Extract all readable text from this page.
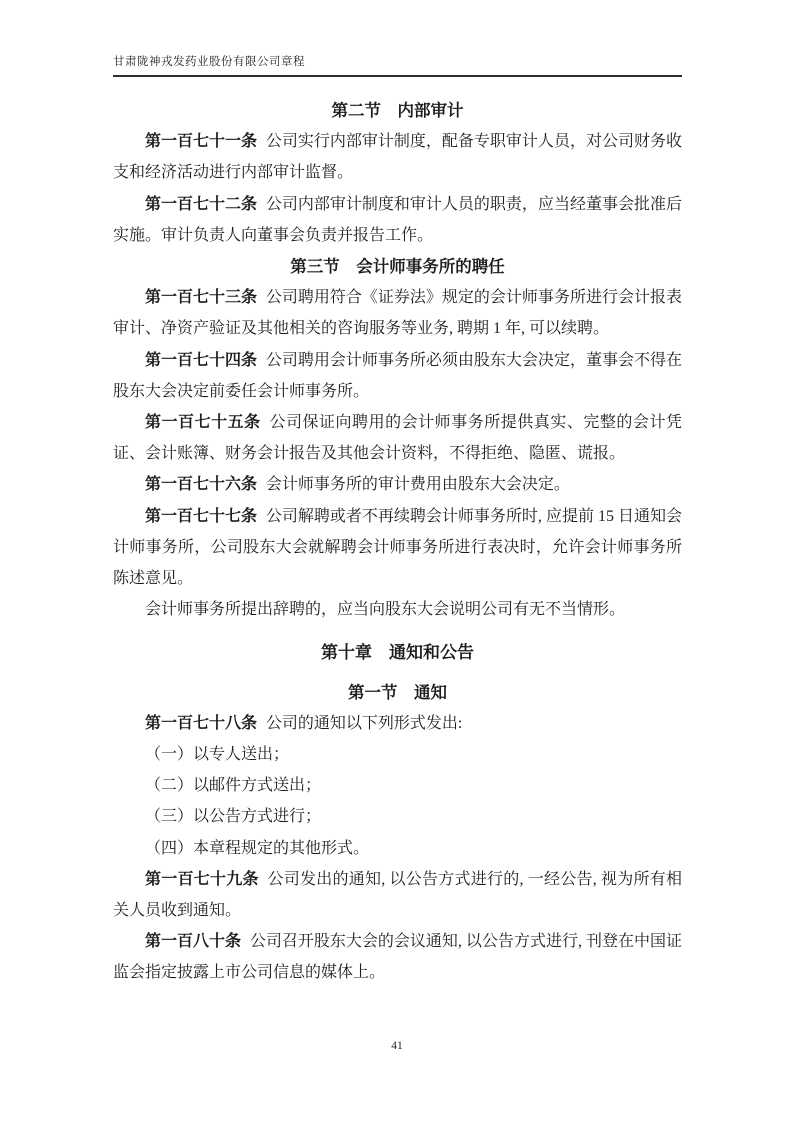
甘肃陇神戎发药业股份有限公司章程

第二节　内部审计

第一百七十一条 公司实行内部审计制度，配备专职审计人员，对公司财务收支和经济活动进行内部审计监督。

第一百七十二条 公司内部审计制度和审计人员的职责，应当经董事会批准后实施。审计负责人向董事会负责并报告工作。

第三节　会计师事务所的聘任

第一百七十三条 公司聘用符合《证券法》规定的会计师事务所进行会计报表审计、净资产验证及其他相关的咨询服务等业务, 聘期 1 年, 可以续聘。

第一百七十四条 公司聘用会计师事务所必须由股东大会决定，董事会不得在股东大会决定前委任会计师事务所。

第一百七十五条 公司保证向聘用的会计师事务所提供真实、完整的会计凭证、会计账簿、财务会计报告及其他会计资料，不得拒绝、隐匿、谎报。

第一百七十六条 会计师事务所的审计费用由股东大会决定。

第一百七十七条 公司解聘或者不再续聘会计师事务所时, 应提前 15 日通知会计师事务所，公司股东大会就解聘会计师事务所进行表决时，允许会计师事务所陈述意见。

会计师事务所提出辞聘的，应当向股东大会说明公司有无不当情形。

第十章　通知和公告

第一节　通知

第一百七十八条 公司的通知以下列形式发出:

（一）以专人送出；

（二）以邮件方式送出；

（三）以公告方式进行；

（四）本章程规定的其他形式。

第一百七十九条 公司发出的通知, 以公告方式进行的, 一经公告, 视为所有相关人员收到通知。

第一百八十条 公司召开股东大会的会议通知, 以公告方式进行, 刊登在中国证监会指定披露上市公司信息的媒体上。

41
